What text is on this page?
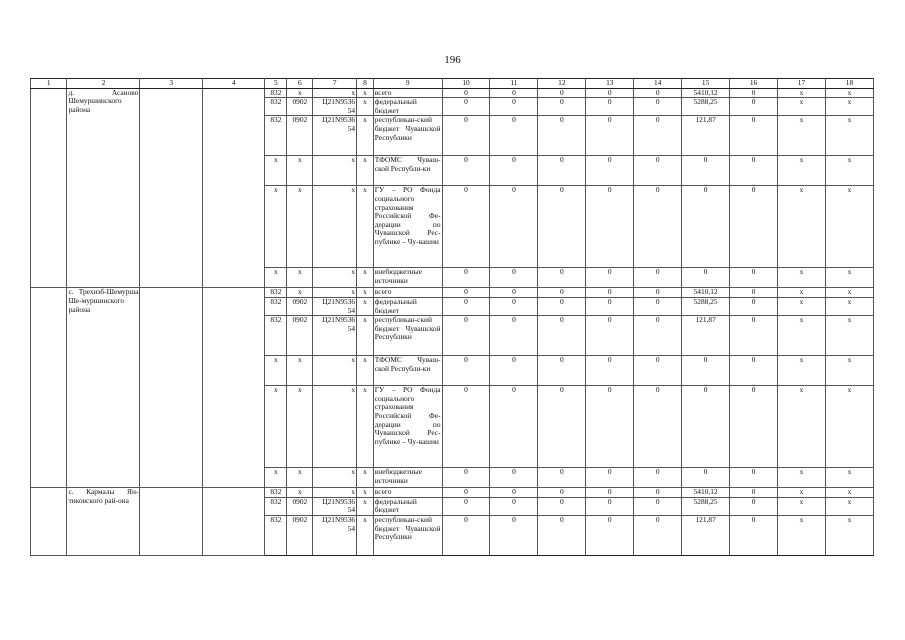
196
1	2	3	4	5	6	7	8	9	10	11	12	13	14	15	16	17	18
	д. Асаново Шемуршинского района			832	x	x	x	всего	0	0	0	0	0	5410,12	0	x	x
				832	0902	Ц21N9536 54	x	федеральный бюджет	0	0	0	0	0	5288,25	0	x	x
				832	0902	Ц21N9536 54	x	республикан-ский бюджет Чувашской Республики	0	0	0	0	0	121,87	0	x	x
				x	x	x	x	ТФОМС Чуваш-ской Республи-ки	0	0	0	0	0	0	0	x	x
				x	x	x	x	ГУ – РО Фонда социального страхования Российской Фе-дерации по Чувашской Рес-публике – Чу-вашии	0	0	0	0	0	0	0	x	x
				x	x	x	x	внебюджетные источники	0	0	0	0	0	0	0	x	x
	с. Трехизб-Шемурша Ше-муршинского района			832	x	x	x	всего	0	0	0	0	0	5410,12	0	x	x
				832	0902	Ц21N9536 54	x	федеральный бюджет	0	0	0	0	0	5288,25	0	x	x
				832	0902	Ц21N9536 54	x	республикан-ский бюджет Чувашской Республики	0	0	0	0	0	121,87	0	x	x
				x	x	x	x	ТФОМС Чуваш-ской Республи-ки	0	0	0	0	0	0	0	x	x
				x	x	x	x	ГУ – РО Фонда социального страхования Российской Фе-дерации по Чувашской Рес-публике – Чу-вашии	0	0	0	0	0	0	0	x	x
				x	x	x	x	внебюджетные источники	0	0	0	0	0	0	0	x	x
	с. Кармалы Ян-тиковского рай-она			832	x	x	x	всего	0	0	0	0	0	5410,12	0	x	x
				832	0902	Ц21N9536 54	x	федеральный бюджет	0	0	0	0	0	5288,25	0	x	x
				832	0902	Ц21N9536 54	x	республикан-ский бюджет Чувашской Республики	0	0	0	0	0	121,87	0	x	x
